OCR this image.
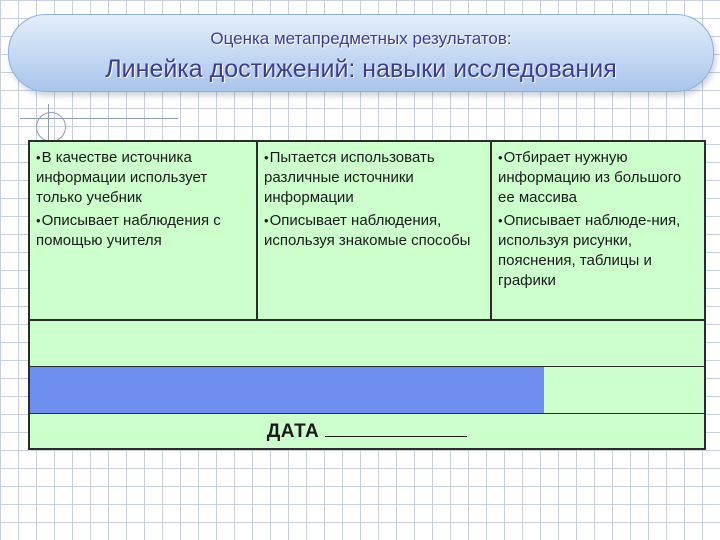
Оценка метапредметных результатов:
Линейка достижений: навыки исследования
• В качестве источника информации использует только учебник
• Описывает наблюдения с помощью учителя
• Пытается использовать различные источники информации
• Описывает наблюдения, используя знакомые способы
• Отбирает нужную информацию из большого ее массива
• Описывает наблюде-ния, используя рисунки, пояснения, таблицы и графики
ДАТА
